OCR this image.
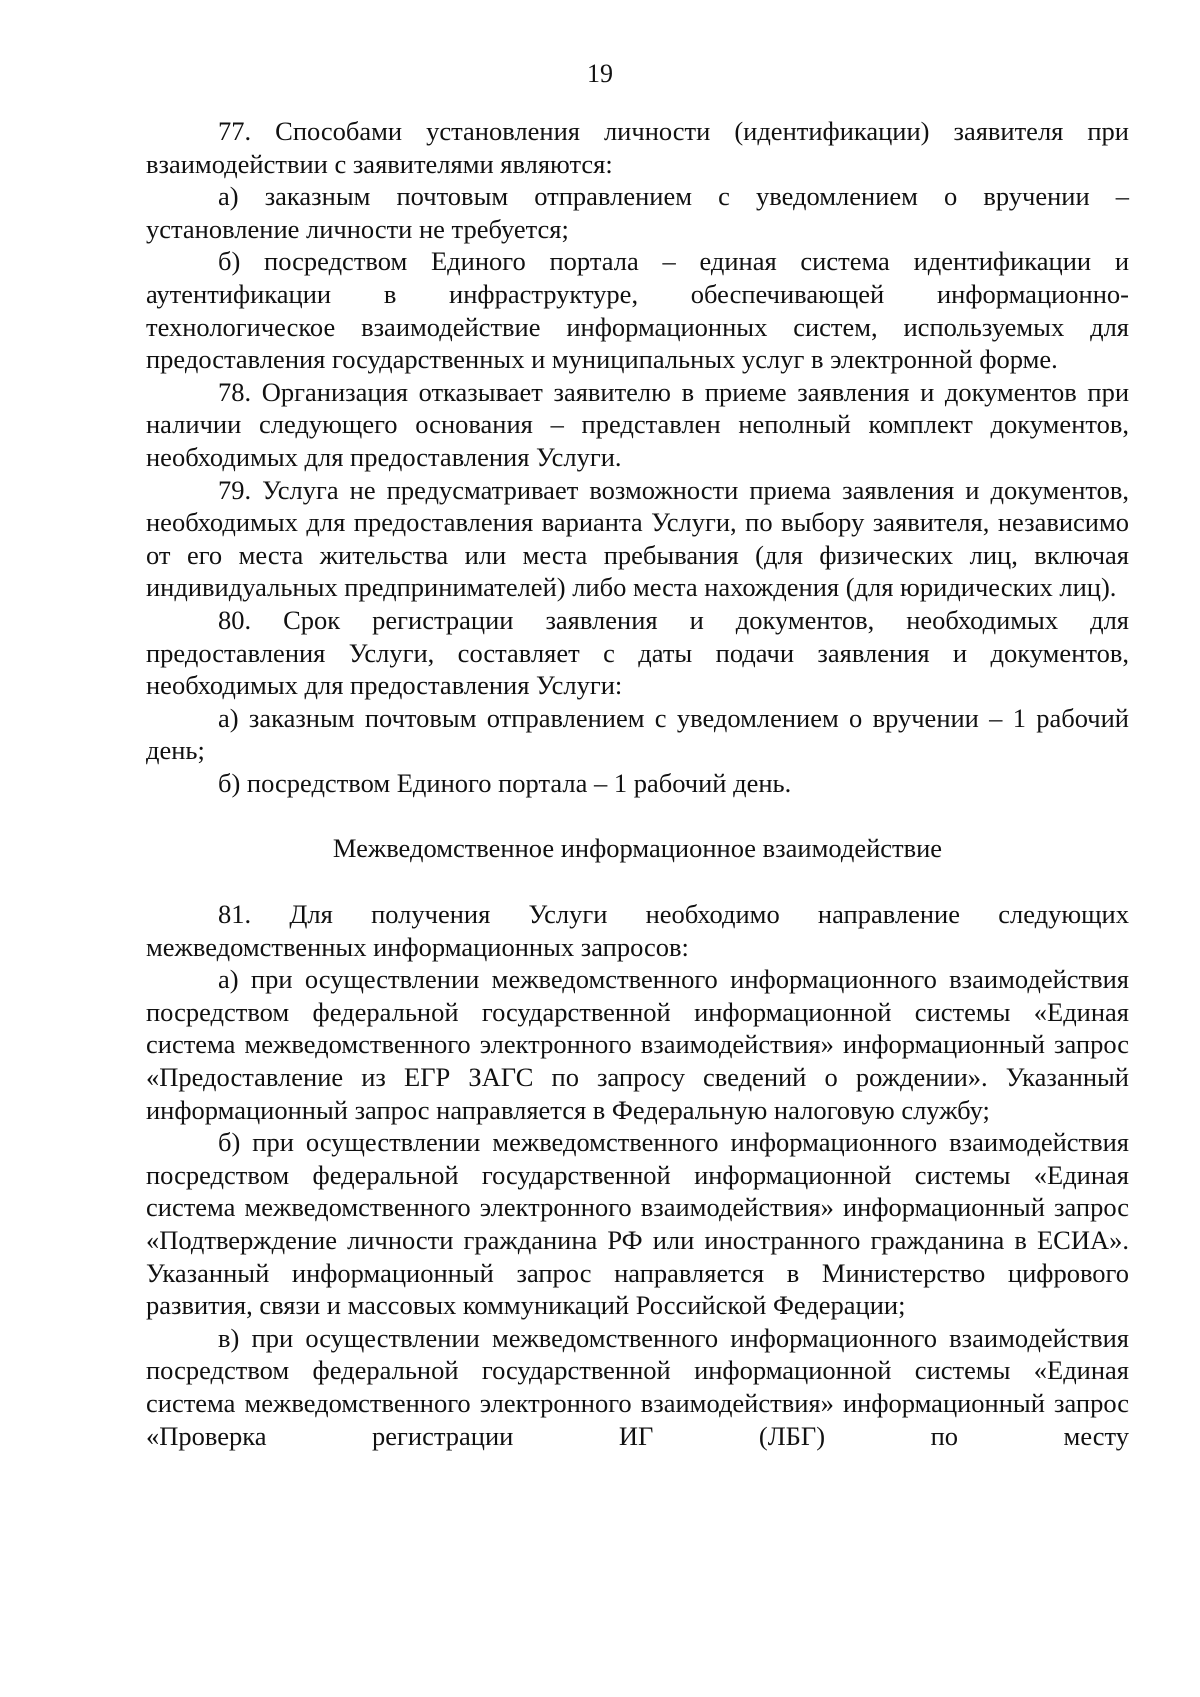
19

77. Способами установления личности (идентификации) заявителя при взаимодействии с заявителями являются:

а) заказным почтовым отправлением с уведомлением о вручении – установление личности не требуется;

б) посредством Единого портала – единая система идентификации и аутентификации в инфраструктуре, обеспечивающей информационно-технологическое взаимодействие информационных систем, используемых для предоставления государственных и муниципальных услуг в электронной форме.

78. Организация отказывает заявителю в приеме заявления и документов при наличии следующего основания – представлен неполный комплект документов, необходимых для предоставления Услуги.

79. Услуга не предусматривает возможности приема заявления и документов, необходимых для предоставления варианта Услуги, по выбору заявителя, независимо от его места жительства или места пребывания (для физических лиц, включая индивидуальных предпринимателей) либо места нахождения (для юридических лиц).

80. Срок регистрации заявления и документов, необходимых для предоставления Услуги, составляет с даты подачи заявления и документов, необходимых для предоставления Услуги:

а) заказным почтовым отправлением с уведомлением о вручении – 1 рабочий день;

б) посредством Единого портала – 1 рабочий день.

Межведомственное информационное взаимодействие

81. Для получения Услуги необходимо направление следующих межведомственных информационных запросов:

а) при осуществлении межведомственного информационного взаимодействия посредством федеральной государственной информационной системы «Единая система межведомственного электронного взаимодействия» информационный запрос «Предоставление из ЕГР ЗАГС по запросу сведений о рождении». Указанный информационный запрос направляется в Федеральную налоговую службу;

б) при осуществлении межведомственного информационного взаимодействия посредством федеральной государственной информационной системы «Единая система межведомственного электронного взаимодействия» информационный запрос «Подтверждение личности гражданина РФ или иностранного гражданина в ЕСИА». Указанный информационный запрос направляется в Министерство цифрового развития, связи и массовых коммуникаций Российской Федерации;

в) при осуществлении межведомственного информационного взаимодействия посредством федеральной государственной информационной системы «Единая система межведомственного электронного взаимодействия» информационный запрос «Проверка регистрации ИГ (ЛБГ) по месту
